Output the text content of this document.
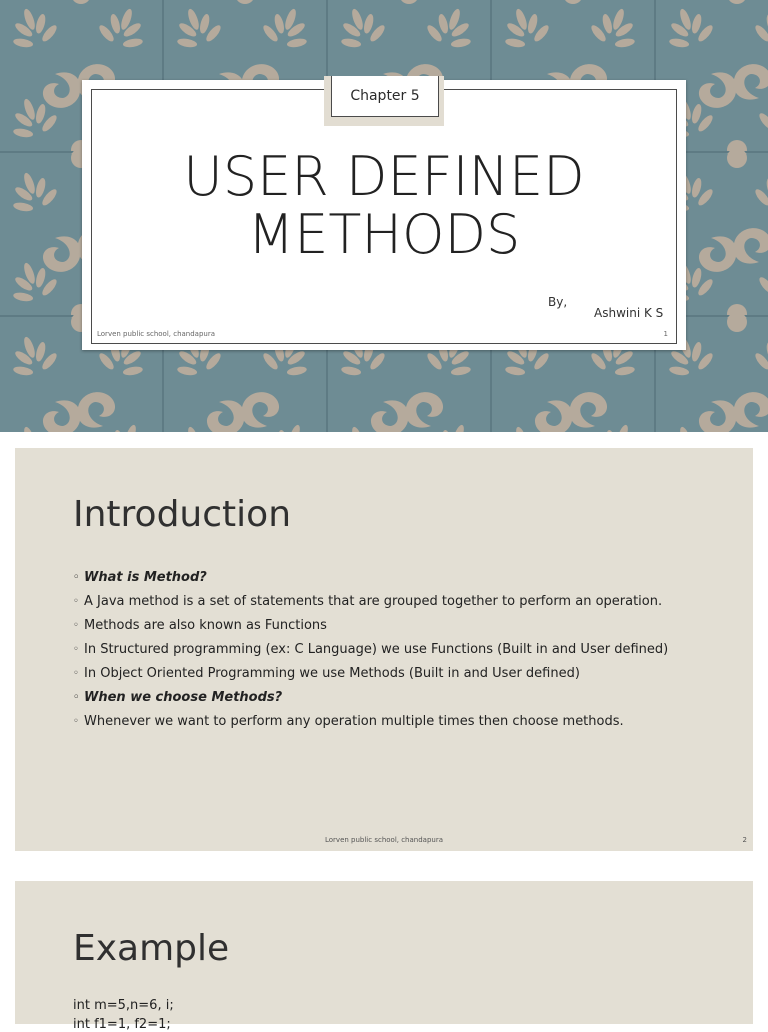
Chapter 5
USER DEFINED
METHODS
By,
Ashwini K S
Lorven public school, chandapura	1
Introduction
◦ What is Method?
◦ A Java method is a set of statements that are grouped together to perform an operation.
◦ Methods are also known as Functions
◦ In Structured programming (ex: C Language) we use Functions (Built in and User defined)
◦ In Object Oriented Programming we use Methods (Built in and User defined)
◦ When we choose Methods?
◦ Whenever we want to perform any operation multiple times then choose methods.
Lorven public school, chandapura	2
Example
int m=5,n=6, i;
int f1=1, f2=1;
